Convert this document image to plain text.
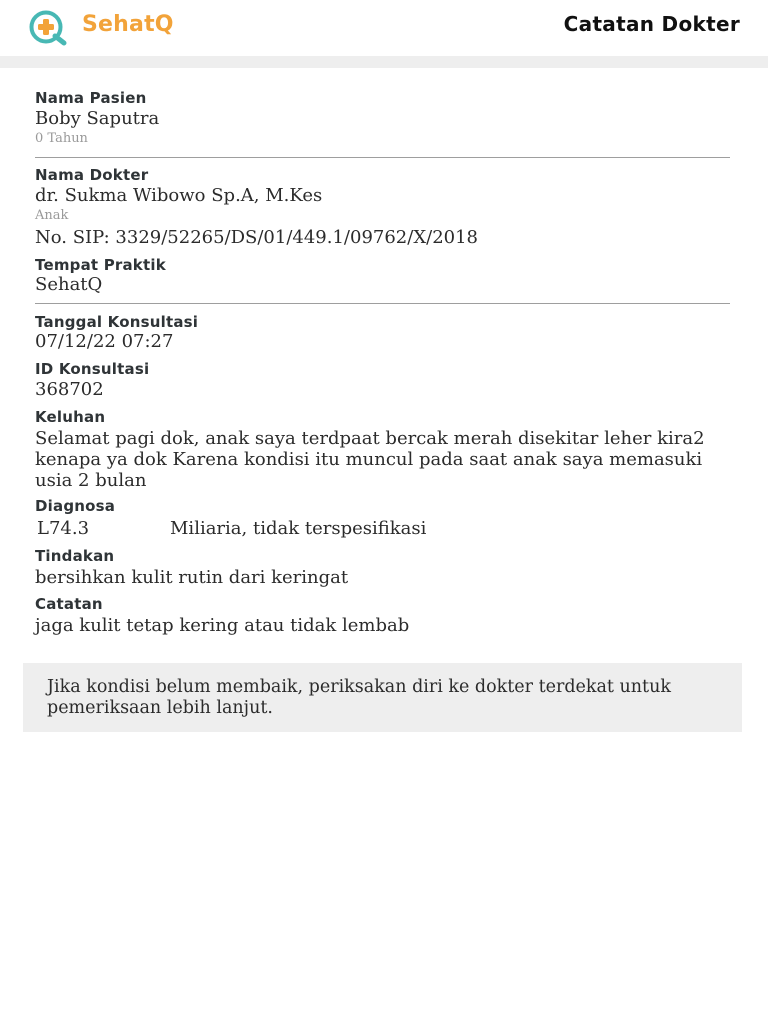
SehatQ	Catatan Dokter
Nama Pasien
Boby Saputra
0 Tahun
Nama Dokter
dr. Sukma Wibowo Sp.A, M.Kes
Anak
No. SIP: 3329/52265/DS/01/449.1/09762/X/2018
Tempat Praktik
SehatQ
Tanggal Konsultasi
07/12/22 07:27
ID Konsultasi
368702
Keluhan
Selamat pagi dok, anak saya terdpaat bercak merah disekitar leher kira2 kenapa ya dok Karena kondisi itu muncul pada saat anak saya memasuki usia 2 bulan
Diagnosa
L74.3	Miliaria, tidak terspesifikasi
Tindakan
bersihkan kulit rutin dari keringat
Catatan
jaga kulit tetap kering atau tidak lembab
Jika kondisi belum membaik, periksakan diri ke dokter terdekat untuk pemeriksaan lebih lanjut.
